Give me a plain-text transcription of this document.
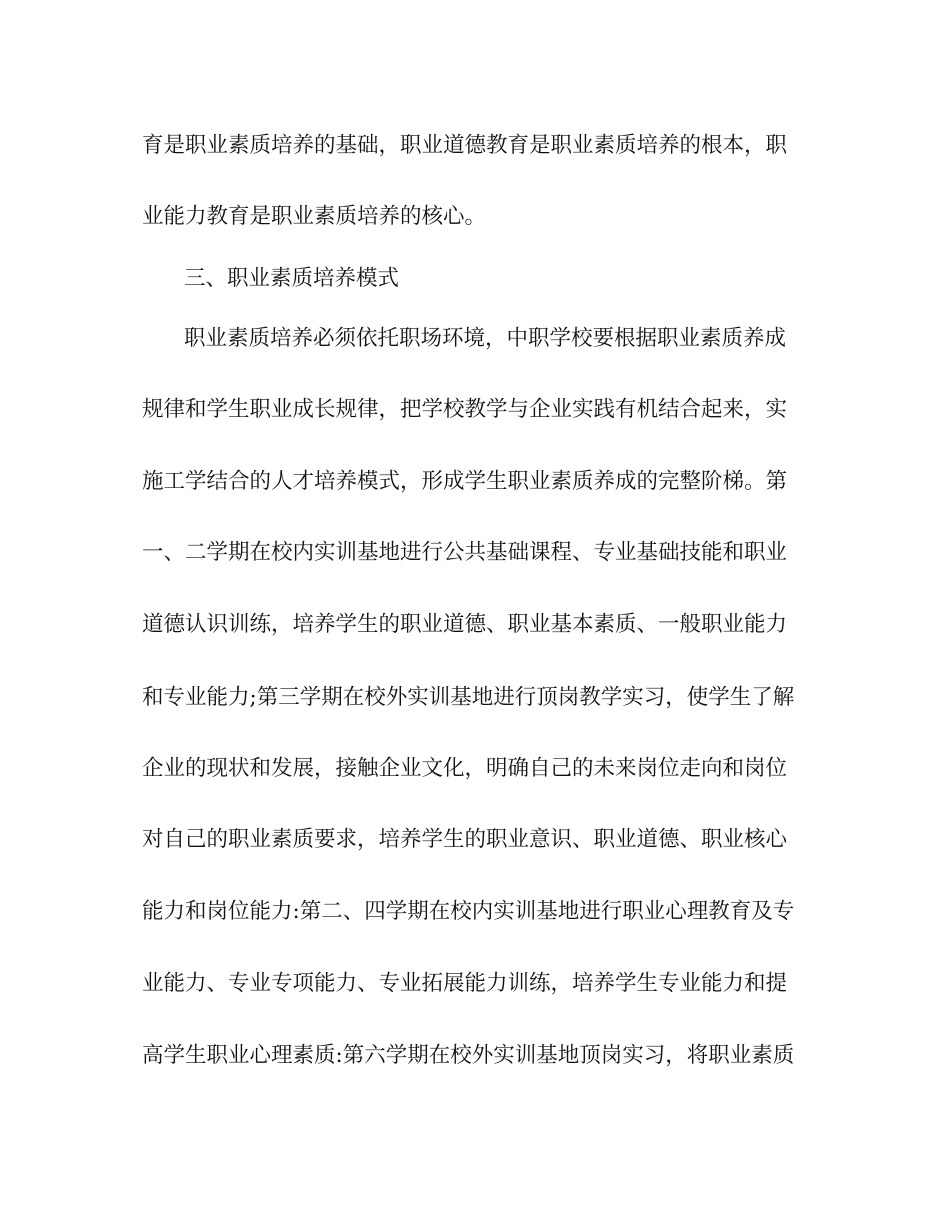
育是职业素质培养的基础，职业道德教育是职业素质培养的根本，职
业能力教育是职业素质培养的核心。
三、职业素质培养模式
职业素质培养必须依托职场环境，中职学校要根据职业素质养成
规律和学生职业成长规律，把学校教学与企业实践有机结合起来，实
施工学结合的人才培养模式，形成学生职业素质养成的完整阶梯。第
一、二学期在校内实训基地进行公共基础课程、专业基础技能和职业
道德认识训练，培养学生的职业道德、职业基本素质、一般职业能力
和专业能力;第三学期在校外实训基地进行顶岗教学实习，使学生了解
企业的现状和发展，接触企业文化，明确自己的未来岗位走向和岗位
对自己的职业素质要求，培养学生的职业意识、职业道德、职业核心
能力和岗位能力:第二、四学期在校内实训基地进行职业心理教育及专
业能力、专业专项能力、专业拓展能力训练，培养学生专业能力和提
高学生职业心理素质:第六学期在校外实训基地顶岗实习，将职业素质
